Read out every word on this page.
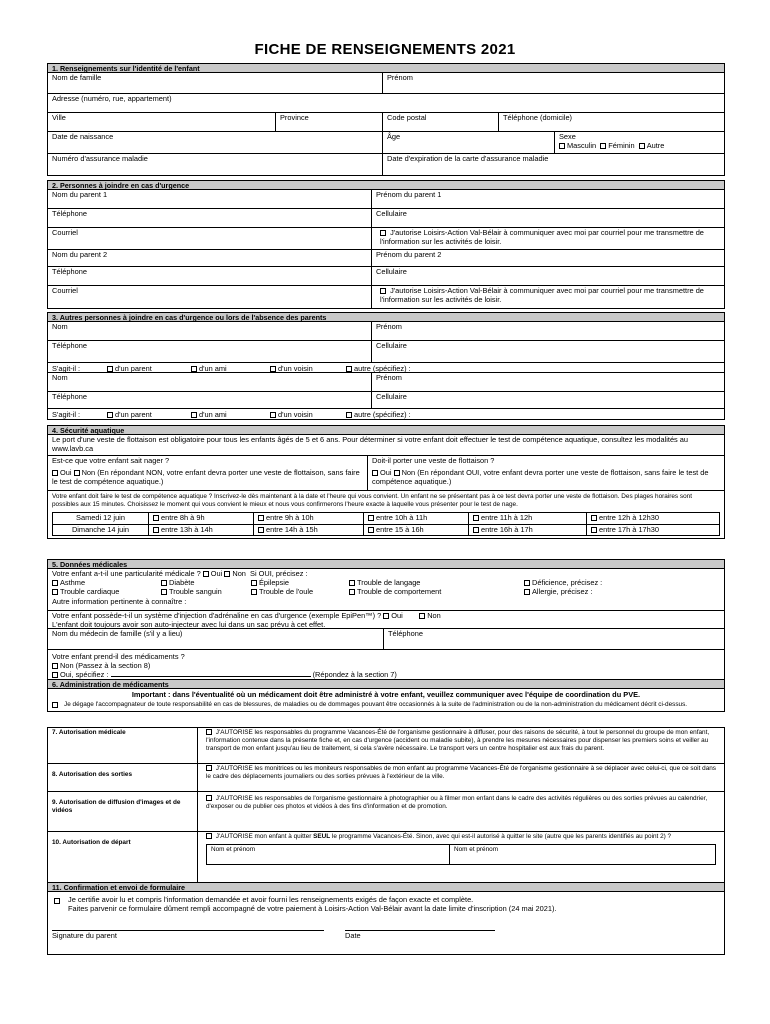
FICHE DE RENSEIGNEMENTS 2021
1. Renseignements sur l'identité de l'enfant
Nom de famille	Prénom
Adresse (numéro, rue, appartement)
Ville	Province	Code postal	Téléphone (domicile)
Date de naissance	Âge	Sexe
Masculin Féminin Autre
Numéro d'assurance maladie	Date d'expiration de la carte d'assurance maladie
2. Personnes à joindre en cas d'urgence
Nom du parent 1	Prénom du parent 1
Téléphone	Cellulaire
Courriel	J'autorise Loisirs-Action Val-Bélair à communiquer avec moi par courriel pour me transmettre de l'information sur les activités de loisir.
Nom du parent 2	Prénom du parent 2
Téléphone	Cellulaire
Courriel	J'autorise Loisirs-Action Val-Bélair à communiquer avec moi par courriel pour me transmettre de l'information sur les activités de loisir.
3. Autres personnes à joindre en cas d'urgence ou lors de l'absence des parents
Nom	Prénom
Téléphone	Cellulaire
S'agit-il :	d'un parent	d'un ami	d'un voisin	autre (spécifiez) :
Nom	Prénom
Téléphone	Cellulaire
S'agit-il :	d'un parent	d'un ami	d'un voisin	autre (spécifiez) :
4. Sécurité aquatique
Le port d'une veste de flottaison est obligatoire pour tous les enfants âgés de 5 et 6 ans. Pour déterminer si votre enfant doit effectuer le test de compétence aquatique, consultez les modalités au www.lavb.ca
Est-ce que votre enfant sait nager ?
Oui Non (En répondant NON, votre enfant devra porter une veste de flottaison, sans faire le test de compétence aquatique.)
Doit-il porter une veste de flottaison ?
Oui Non (En répondant OUI, votre enfant devra porter une veste de flottaison, sans faire le test de compétence aquatique.)
Votre enfant doit faire le test de compétence aquatique ? Inscrivez-le dès maintenant à la date et l'heure qui vous convient. Un enfant ne se présentant pas à ce test devra porter une veste de flottaison. Des plages horaires sont possibles aux 15 minutes. Choisissez le moment qui vous convient le mieux et nous vous confirmerons l'heure exacte à laquelle vous présenter pour le test de nage.
Samedi 12 juin	entre 8h à 9h	entre 9h à 10h	entre 10h à 11h	entre 11h à 12h	entre 12h à 12h30
Dimanche 14 juin	entre 13h à 14h	entre 14h à 15h	entre 15 à 16h	entre 16h à 17h	entre 17h à 17h30
5. Données médicales
Votre enfant a-t-il une particularité médicale ? Oui Non Si OUI, précisez :
Asthme	Diabète	Épilepsie	Trouble de langage	Déficience, précisez :
Trouble cardiaque	Trouble sanguin	Trouble de l'oule	Trouble de comportement	Allergie, précisez :
Autre information pertinente à connaître :
Votre enfant possède-t-il un système d'injection d'adrénaline en cas d'urgence (exemple EpiPen™) ? Oui	Non
L'enfant doit toujours avoir son auto-injecteur avec lui dans un sac prévu à cet effet.
Nom du médecin de famille (s'il y a lieu)	Téléphone
Votre enfant prend-il des médicaments ?
Non (Passez à la section 8)
Oui, spécifiez :	(Répondez à la section 7)
6. Administration de médicaments
Important : dans l'éventualité où un médicament doit être administré à votre enfant, veuillez communiquer avec l'équipe de coordination du PVE.
Je dégage l'accompagnateur de toute responsabilité en cas de blessures, de maladies ou de dommages pouvant être occasionnés à la suite de l'administration ou de la non-administration du médicament décrit ci-dessus.
7. Autorisation médicale	J'AUTORISE les responsables du programme Vacances-Été de l'organisme gestionnaire à diffuser, pour des raisons de sécurité, à tout le personnel du groupe de mon enfant, l'information contenue dans la présente fiche et, en cas d'urgence (accident ou maladie subite), à prendre les mesures nécessaires pour dispenser les premiers soins et veiller au transport de mon enfant jusqu'au lieu de traitement, si cela s'avère nécessaire. Le transport vers un centre hospitalier est aux frais du parent.
8. Autorisation des sorties
J'AUTORISE les monitrices ou les moniteurs responsables de mon enfant au programme Vacances-Été de l'organisme gestionnaire à se déplacer avec celui-ci, que ce soit dans le cadre des déplacements journaliers ou des sorties prévues à l'extérieur de la ville.
9. Autorisation de diffusion d'images et de vidéos
J'AUTORISE les responsables de l'organisme gestionnaire à photographier ou à filmer mon enfant dans le cadre des activités régulières ou des sorties prévues au calendrier, d'exposer ou de publier ces photos et vidéos à des fins d'information et de promotion.
10. Autorisation de départ
J'AUTORISE mon enfant à quitter SEUL le programme Vacances-Été. Sinon, avec qui est-il autorisé à quitter le site (autre que les parents identifiés au point 2) ?
Nom et prénom	Nom et prénom
11. Confirmation et envoi de formulaire
Je certifie avoir lu et compris l'information demandée et avoir fourni les renseignements exigés de façon exacte et complète.
Faites parvenir ce formulaire dûment rempli accompagné de votre paiement à Loisirs-Action Val-Bélair avant la date limite d'inscription (24 mai 2021).
Signature du parent	Date
